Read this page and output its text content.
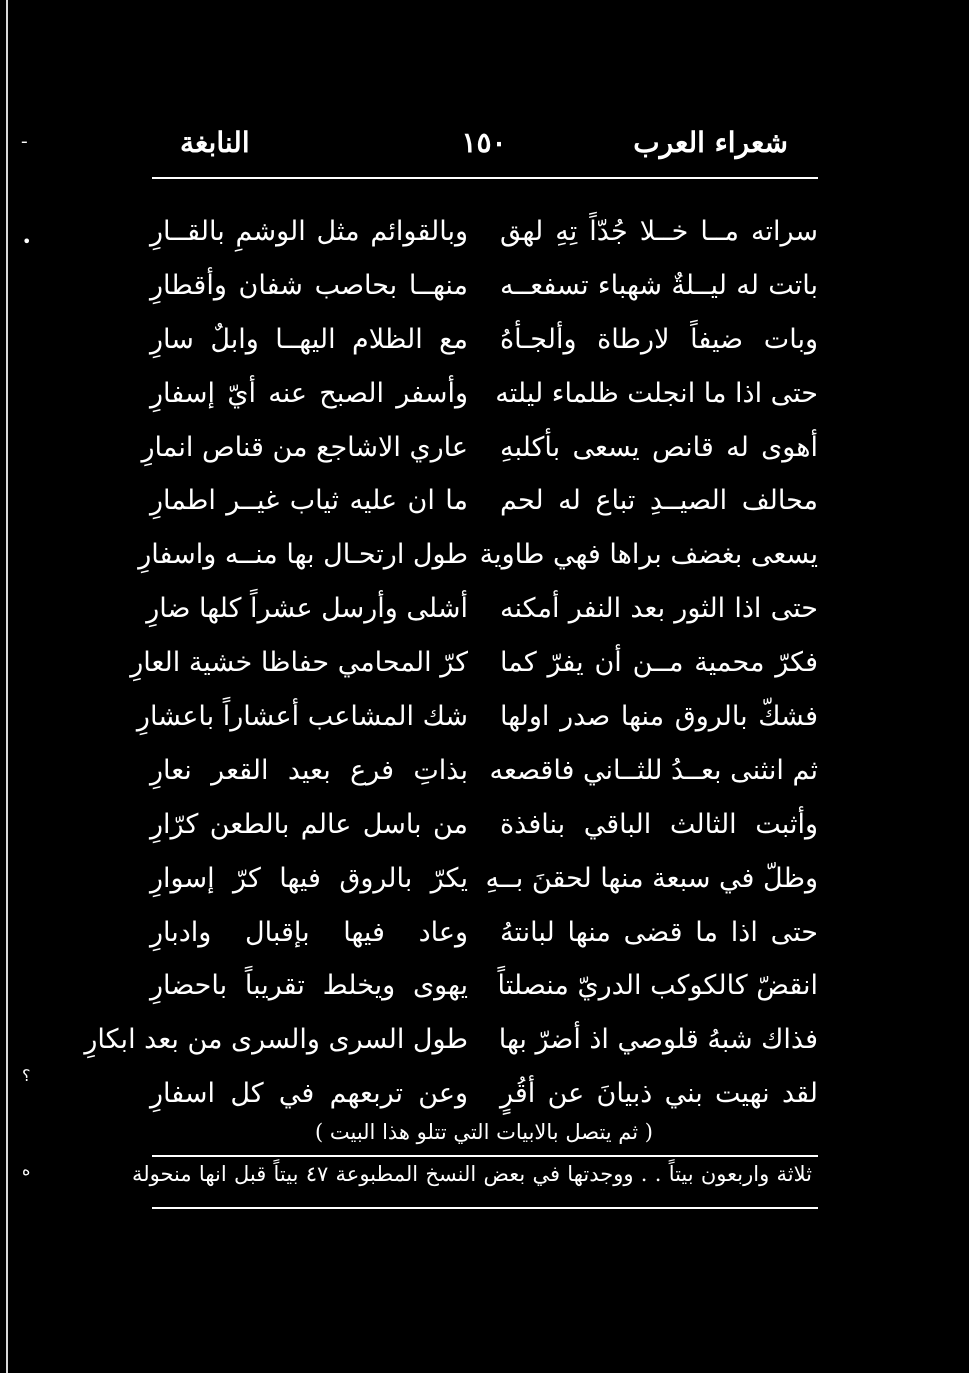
ـ
•
؟
ه
شعراء العرب
١٥٠
النابغة
سراته مــا خــلا جُدّاً تِهِ لهق
وبالقوائم مثل الوشمِ بالقــارِ
باتت له ليــلةٌ شهباء تسفعــه
منهــا بحاصب شفان وأقطارِ
وبات ضيفاً لارطاة وألجـأهُ
مع الظلام اليهــا وابلٌ سارِ
حتى اذا ما انجلت ظلماء ليلته
وأسفر الصبح عنه أيّ إسفارِ
أهوى له قانص يسعى بأكلبهِ
عاري الاشاجع من قناص انمارِ
محالف الصيــدِ تباع له لحم
ما ان عليه ثياب غيــر اطمارِ
يسعى بغضف براها فهي طاوية
طول ارتحـال بها منــه واسفارِ
حتى اذا الثور بعد النفر أمكنه
أشلى وأرسل عشراً كلها ضارِ
فكرّ محمية مــن أن يفرّ كما
كرّ المحامي حفاظا خشية العارِ
فشكّ بالروق منها صدر اولها
شك المشاعب أعشاراً باعشارِ
ثم انثنى بعــدُ للثــاني فاقصعه
بذاتِ فرع بعيد القعر نعارِ
وأثبت الثالث الباقي بنافذة
من باسل عالم بالطعن كرّارِ
وظلّ في سبعة منها لحقنَ بــهِ
يكرّ بالروق فيها كرّ إسوارِ
حتى اذا ما قضى منها لبانتهُ
وعاد فيها بإقبال وادبارِ
انقضّ كالكوكب الدريّ منصلتاً
يهوى ويخلط تقريباً باحضارِ
فذاك شبهُ قلوصي اذ أضرّ بها
طول السرى والسرى من بعد ابكارِ
لقد نهيت بني ذبيانَ عن أقُرٍ
وعن تربعهم في كل اسفارِ
( ثم يتصل بالابيات التي تتلو هذا البيت )
ثلاثة واربعون بيتاً . . ووجدتها في بعض النسخ المطبوعة ٤٧ بيتاً قبل انها منحولة
